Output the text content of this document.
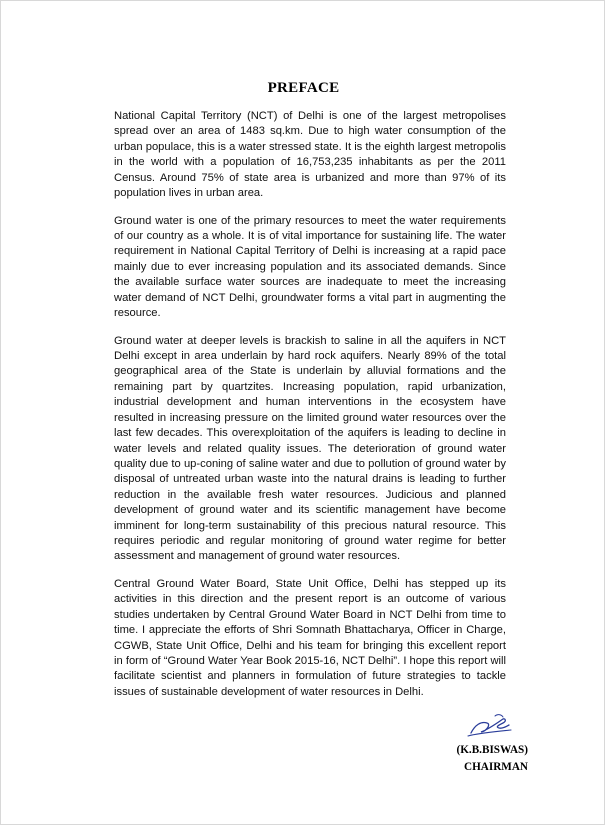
PREFACE

National Capital Territory (NCT) of Delhi is one of the largest metropolises spread over an area of 1483 sq.km. Due to high water consumption of the urban populace, this is a water stressed state. It is the eighth largest metropolis in the world with a population of 16,753,235 inhabitants as per the 2011 Census. Around 75% of state area is urbanized and more than 97% of its population lives in urban area.

Ground water is one of the primary resources to meet the water requirements of our country as a whole. It is of vital importance for sustaining life. The water requirement in National Capital Territory of Delhi is increasing at a rapid pace mainly due to ever increasing population and its associated demands. Since the available surface water sources are inadequate to meet the increasing water demand of NCT Delhi, groundwater forms a vital part in augmenting the resource.

Ground water at deeper levels is brackish to saline in all the aquifers in NCT Delhi except in area underlain by hard rock aquifers. Nearly 89% of the total geographical area of the State is underlain by alluvial formations and the remaining part by quartzites. Increasing population, rapid urbanization, industrial development and human interventions in the ecosystem have resulted in increasing pressure on the limited ground water resources over the last few decades. This overexploitation of the aquifers is leading to decline in water levels and related quality issues. The deterioration of ground water quality due to up-coning of saline water and due to pollution of ground water by disposal of untreated urban waste into the natural drains is leading to further reduction in the available fresh water resources. Judicious and planned development of ground water and its scientific management have become imminent for long-term sustainability of this precious natural resource. This requires periodic and regular monitoring of ground water regime for better assessment and management of ground water resources.

Central Ground Water Board, State Unit Office, Delhi has stepped up its activities in this direction and the present report is an outcome of various studies undertaken by Central Ground Water Board in NCT Delhi from time to time. I appreciate the efforts of Shri Somnath Bhattacharya, Officer in Charge, CGWB, State Unit Office, Delhi and his team for bringing this excellent report in form of “Ground Water Year Book 2015-16, NCT Delhi”. I hope this report will facilitate scientist and planners in formulation of future strategies to tackle issues of sustainable development of water resources in Delhi.

(K.B.BISWAS)
CHAIRMAN
